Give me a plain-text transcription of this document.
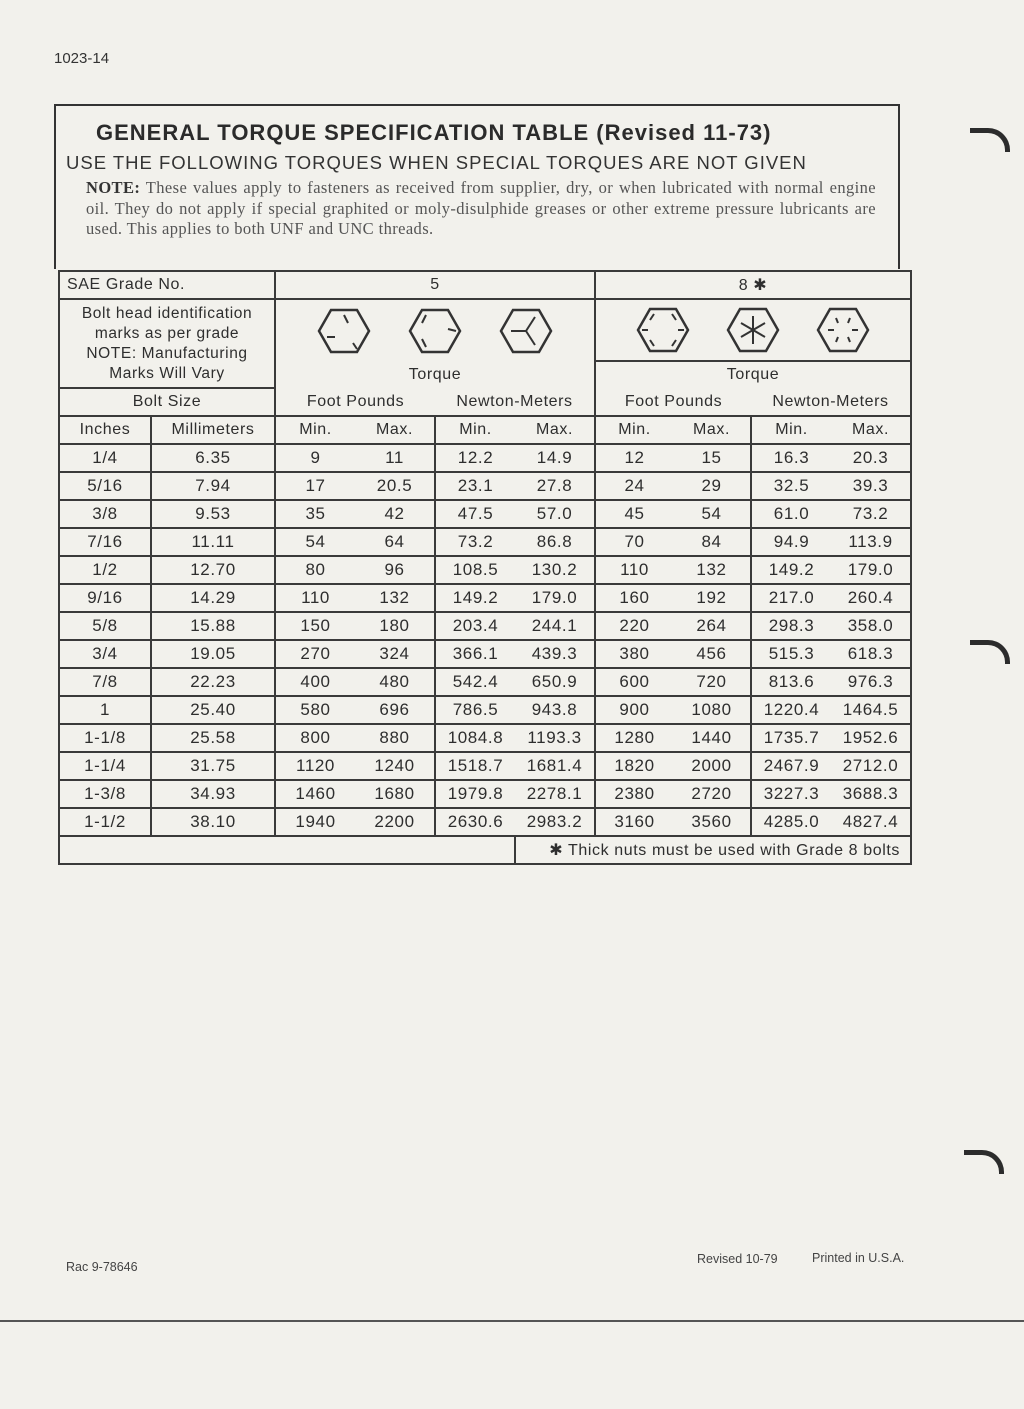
1023-14
GENERAL TORQUE SPECIFICATION TABLE (Revised 11-73)
USE THE FOLLOWING TORQUES WHEN SPECIAL TORQUES ARE NOT GIVEN
NOTE: These values apply to fasteners as received from supplier, dry, or when lubricated with normal engine oil. They do not apply if special graphited or moly-disulphide greases or other extreme pressure lubricants are used. This applies to both UNF and UNC threads.
SAE Grade No.		5				8 ✱			

Bolt head identification
marks as per grade
NOTE: Manufacturing
Marks Will Vary

		Torque				Torque			
Bolt Size		Foot Pounds		Newton-Meters		Foot Pounds		Newton-Meters	
Inches	Millimeters	Min.	Max.	Min.	Max.	Min.	Max.	Min.	Max.
1/4	6.35	9	11	12.2	14.9	12	15	16.3	20.3
5/16	7.94	17	20.5	23.1	27.8	24	29	32.5	39.3
3/8	9.53	35	42	47.5	57.0	45	54	61.0	73.2
7/16	11.11	54	64	73.2	86.8	70	84	94.9	113.9
1/2	12.70	80	96	108.5	130.2	110	132	149.2	179.0
9/16	14.29	110	132	149.2	179.0	160	192	217.0	260.4
5/8	15.88	150	180	203.4	244.1	220	264	298.3	358.0
3/4	19.05	270	324	366.1	439.3	380	456	515.3	618.3
7/8	22.23	400	480	542.4	650.9	600	720	813.6	976.3
1	25.40	580	696	786.5	943.8	900	1080	1220.4	1464.5
1-1/8	25.58	800	880	1084.8	1193.3	1280	1440	1735.7	1952.6
1-1/4	31.75	1120	1240	1518.7	1681.4	1820	2000	2467.9	2712.0
1-3/8	34.93	1460	1680	1979.8	2278.1	2380	2720	3227.3	3688.3
1-1/2	38.10	1940	2200	2630.6	2983.2	3160	3560	4285.0	4827.4
					✱ Thick nuts must be used with Grade 8 bolts				
Rac 9-78646
Revised 10-79	Printed in U.S.A.
